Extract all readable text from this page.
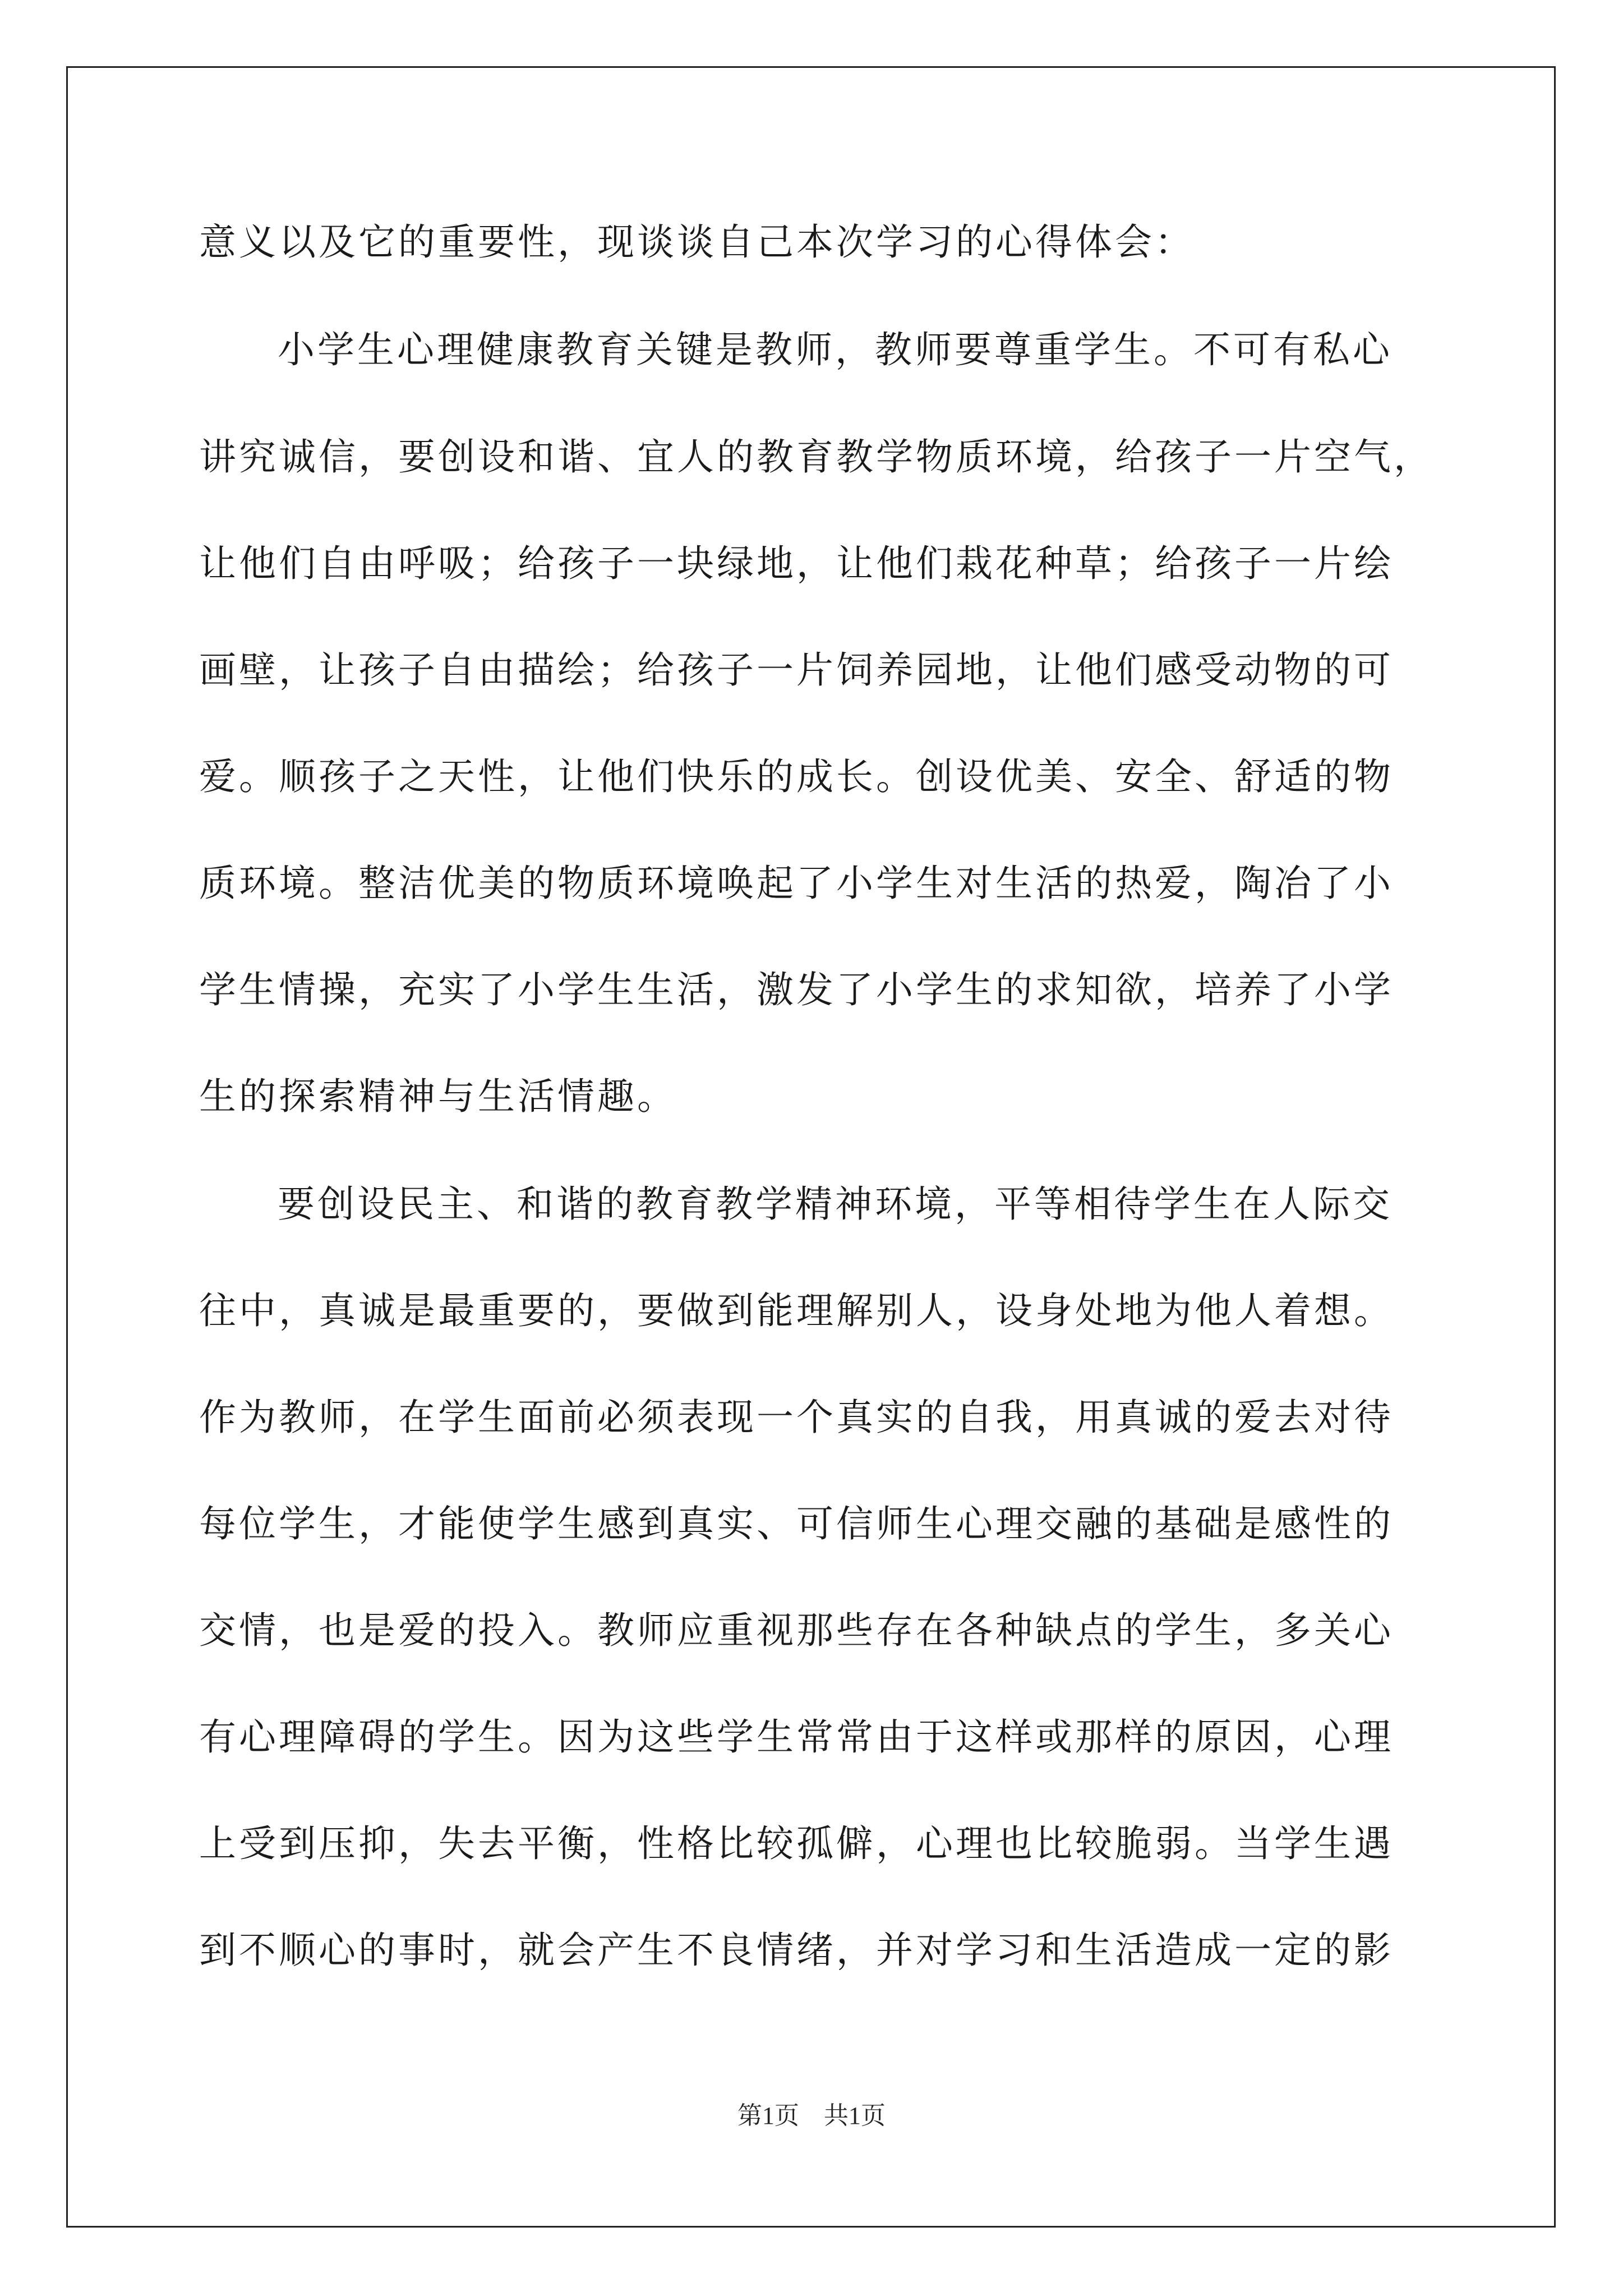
意义以及它的重要性，现谈谈自己本次学习的心得体会：
小学生心理健康教育关键是教师，教师要尊重学生。不可有私心
讲究诚信，要创设和谐、宜人的教育教学物质环境，给孩子一片空气，
让他们自由呼吸；给孩子一块绿地，让他们栽花种草；给孩子一片绘
画壁，让孩子自由描绘；给孩子一片饲养园地，让他们感受动物的可
爱。顺孩子之天性，让他们快乐的成长。创设优美、安全、舒适的物
质环境。整洁优美的物质环境唤起了小学生对生活的热爱，陶冶了小
学生情操，充实了小学生生活，激发了小学生的求知欲，培养了小学
生的探索精神与生活情趣。
要创设民主、和谐的教育教学精神环境，平等相待学生在人际交
往中，真诚是最重要的，要做到能理解别人，设身处地为他人着想。
作为教师，在学生面前必须表现一个真实的自我，用真诚的爱去对待
每位学生，才能使学生感到真实、可信师生心理交融的基础是感性的
交情，也是爱的投入。教师应重视那些存在各种缺点的学生，多关心
有心理障碍的学生。因为这些学生常常由于这样或那样的原因，心理
上受到压抑，失去平衡，性格比较孤僻，心理也比较脆弱。当学生遇
到不顺心的事时，就会产生不良情绪，并对学习和生活造成一定的影
第1页　共1页
